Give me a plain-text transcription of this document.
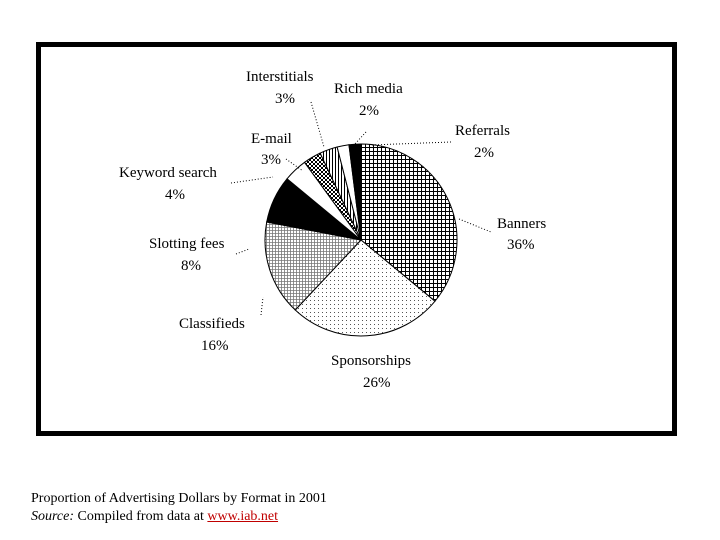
Banners
36%
Sponsorships
26%
Classifieds
16%
Slotting fees
8%
Keyword search
4%
E-mail
3%
Interstitials
3%
Rich media
2%
Referrals
2%
Proportion of Advertising Dollars by Format in 2001
Source: Compiled from data at www.iab.net
